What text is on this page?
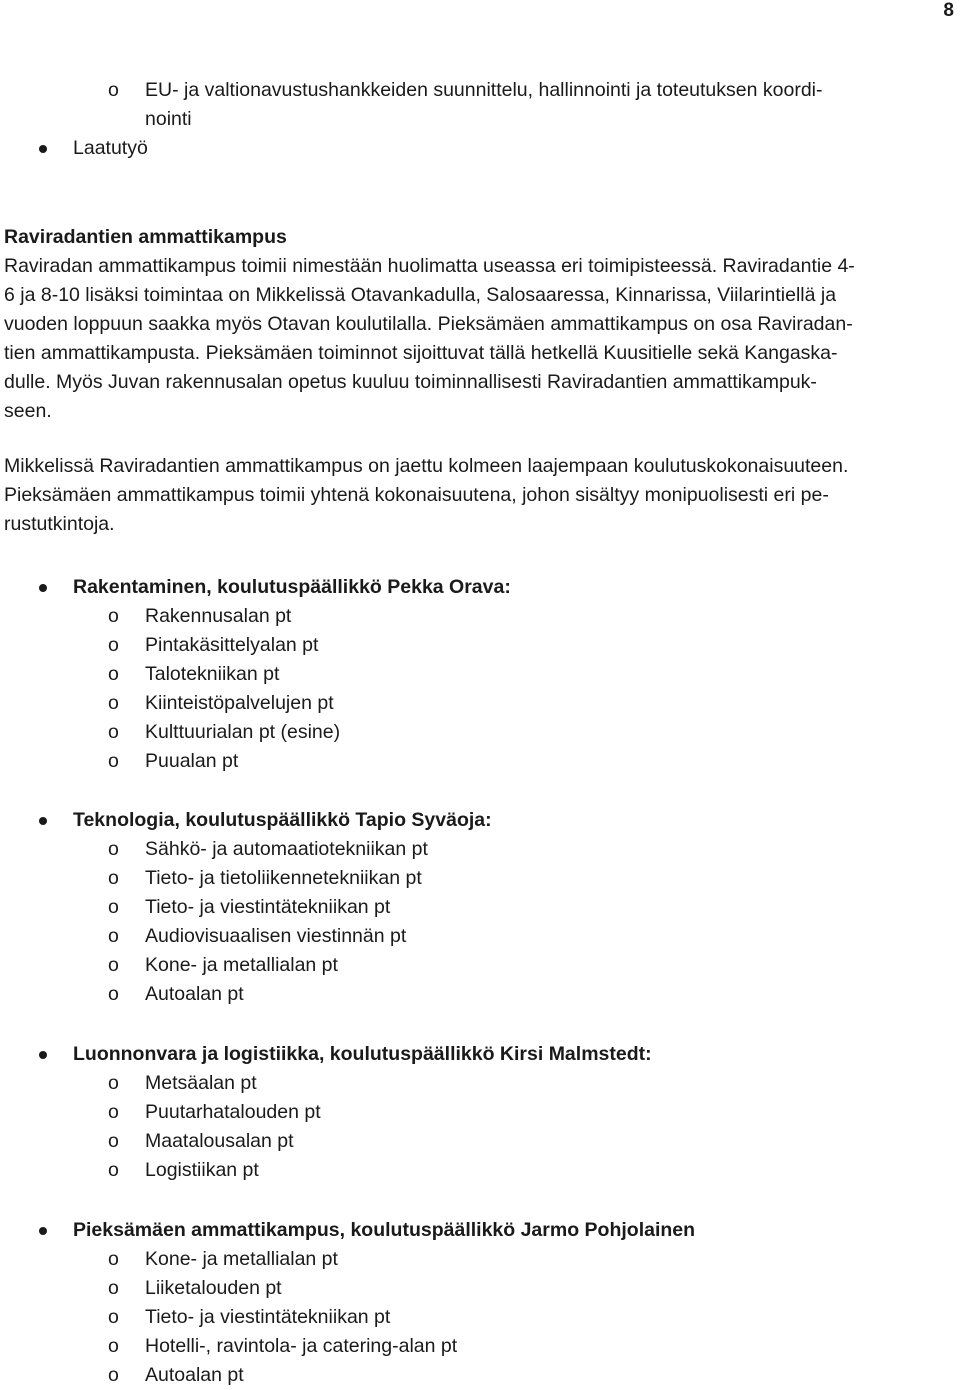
8
o EU- ja valtionavustushankkeiden suunnittelu, hallinnointi ja toteutuksen koordi-
nointi
Laatutyö
Raviradantien ammattikampus
Raviradan ammattikampus toimii nimestään huolimatta useassa eri toimipisteessä. Raviradantie 4-
6 ja 8-10 lisäksi toimintaa on Mikkelissä Otavankadulla, Salosaaressa, Kinnarissa, Viilarintiellä ja
vuoden loppuun saakka myös Otavan koulutilalla. Pieksämäen ammattikampus on osa Raviradan-
tien ammattikampusta. Pieksämäen toiminnot sijoittuvat tällä hetkellä Kuusitielle sekä Kangaska-
dulle. Myös Juvan rakennusalan opetus kuuluu toiminnallisesti Raviradantien ammattikampuk-
seen.
Mikkelissä Raviradantien ammattikampus on jaettu kolmeen laajempaan koulutuskokonaisuuteen.
Pieksämäen ammattikampus toimii yhtenä kokonaisuutena, johon sisältyy monipuolisesti eri pe-
rustutkintoja.
Rakentaminen, koulutuspäällikkö Pekka Orava:
o Rakennusalan pt
o Pintakäsittelyalan pt
o Talotekniikan pt
o Kiinteistöpalvelujen pt
o Kulttuurialan pt (esine)
o Puualan pt
Teknologia, koulutuspäällikkö Tapio Syväoja:
o Sähkö- ja automaatiotekniikan pt
o Tieto- ja tietoliikennetekniikan pt
o Tieto- ja viestintätekniikan pt
o Audiovisuaalisen viestinnän pt
o Kone- ja metallialan pt
o Autoalan pt
Luonnonvara ja logistiikka, koulutuspäällikkö Kirsi Malmstedt:
o Metsäalan pt
o Puutarhatalouden pt
o Maatalousalan pt
o Logistiikan pt
Pieksämäen ammattikampus, koulutuspäällikkö Jarmo Pohjolainen
o Kone- ja metallialan pt
o Liiketalouden pt
o Tieto- ja viestintätekniikan pt
o Hotelli-, ravintola- ja catering-alan pt
o Autoalan pt
